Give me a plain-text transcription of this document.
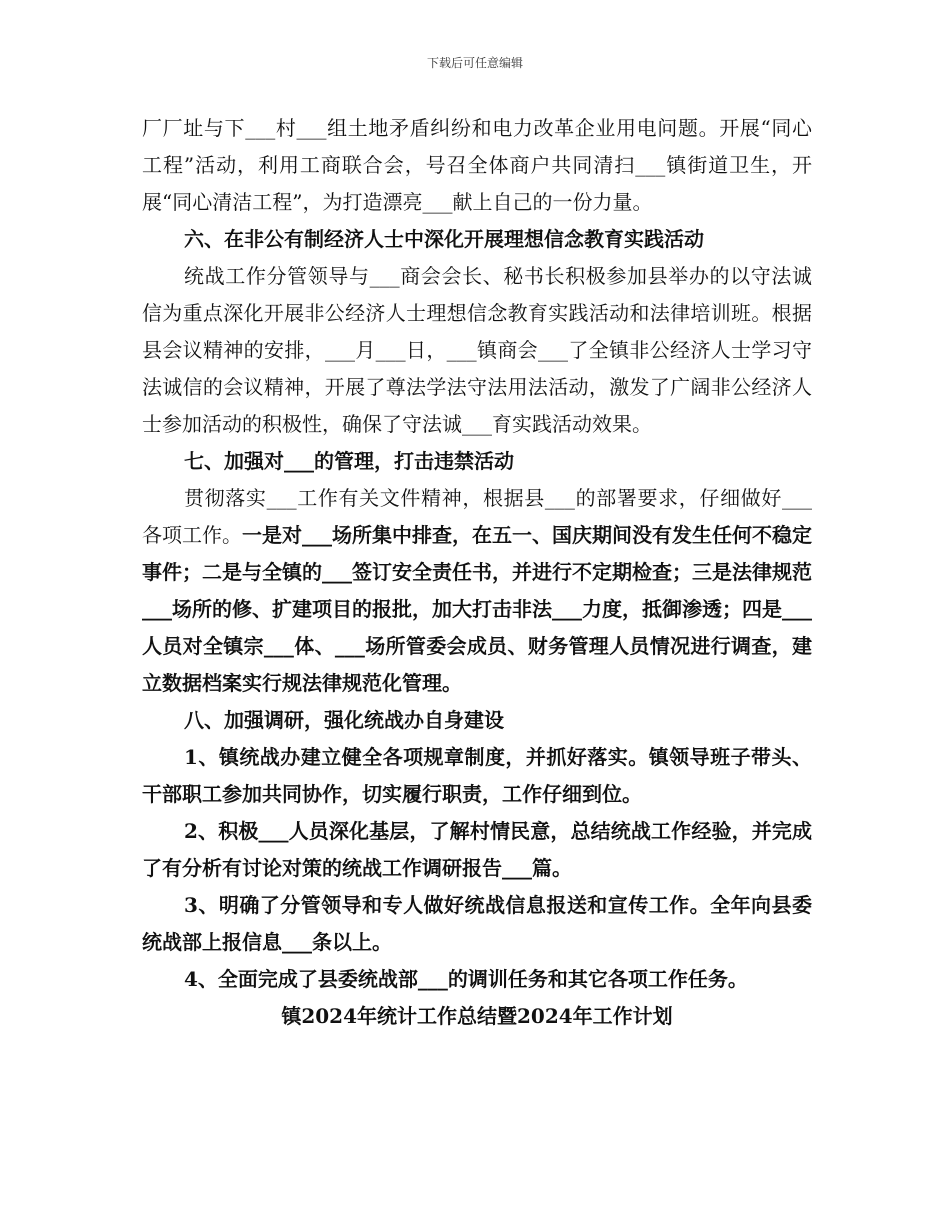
下载后可任意编辑

厂厂址与下___村___组土地矛盾纠纷和电力改革企业用电问题。开展“同心工程”活动，利用工商联合会，号召全体商户共同清扫___镇街道卫生，开展“同心清洁工程”，为打造漂亮___献上自己的一份力量。

六、在非公有制经济人士中深化开展理想信念教育实践活动

统战工作分管领导与___商会会长、秘书长积极参加县举办的以守法诚信为重点深化开展非公经济人士理想信念教育实践活动和法律培训班。根据县会议精神的安排，___月___日，___镇商会___了全镇非公经济人士学习守法诚信的会议精神，开展了尊法学法守法用法活动，激发了广阔非公经济人士参加活动的积极性，确保了守法诚___育实践活动效果。

七、加强对___的管理，打击违禁活动

贯彻落实___工作有关文件精神，根据县___的部署要求，仔细做好___各项工作。一是对___场所集中排查，在五一、国庆期间没有发生任何不稳定事件；二是与全镇的___签订安全责任书，并进行不定期检查；三是法律规范___场所的修、扩建项目的报批，加大打击非法___力度，抵御渗透；四是___人员对全镇宗___体、___场所管委会成员、财务管理人员情况进行调查，建立数据档案实行规法律规范化管理。

八、加强调研，强化统战办自身建设

1、镇统战办建立健全各项规章制度，并抓好落实。镇领导班子带头、干部职工参加共同协作，切实履行职责，工作仔细到位。

2、积极___人员深化基层，了解村情民意，总结统战工作经验，并完成了有分析有讨论对策的统战工作调研报告___篇。

3、明确了分管领导和专人做好统战信息报送和宣传工作。全年向县委统战部上报信息___条以上。

4、全面完成了县委统战部___的调训任务和其它各项工作任务。

镇2024年统计工作总结暨2024年工作计划
